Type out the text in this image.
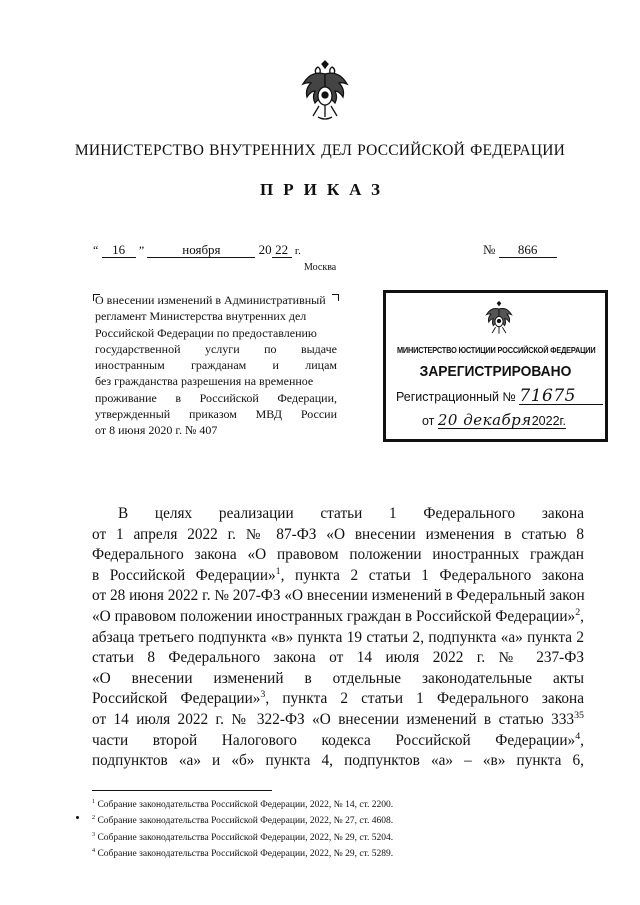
МИНИСТЕРСТВО ВНУТРЕННИХ ДЕЛ РОССИЙСКОЙ ФЕДЕРАЦИИ
ПРИКАЗ
“ 16 ”	ноября	20 22 г.
Москва
№ 866
О внесении изменений в Административный
регламент Министерства внутренних дел
Российской Федерации по предоставлению
государственной услуги по выдаче
иностранным гражданам и лицам
без гражданства разрешения на временное
проживание в Российской Федерации,
утвержденный приказом МВД России
от 8 июня 2020 г. № 407
МИНИСТЕРСТВО ЮСТИЦИИ РОССИЙСКОЙ ФЕДЕРАЦИИ
ЗАРЕГИСТРИРОВАНО
Регистрационный № 71675
от 20 декабря2022г.
В целях реализации статьи 1 Федерального закона
от 1 апреля 2022 г. № 87-ФЗ «О внесении изменения в статью 8
Федерального закона «О правовом положении иностранных граждан
в Российской Федерации»$^1$, пункта 2 статьи 1 Федерального закона
от 28 июня 2022 г. № 207-ФЗ «О внесении изменений в Федеральный закон
«О правовом положении иностранных граждан в Российской Федерации»$^2$,
абзаца третьего подпункта «в» пункта 19 статьи 2, подпункта «а» пункта 2
статьи 8 Федерального закона от 14 июля 2022 г. № 237-ФЗ
«О внесении изменений в отдельные законодательные акты
Российской Федерации»$^3$, пункта 2 статьи 1 Федерального закона
от 14 июля 2022 г. № 322-ФЗ «О внесении изменений в статью $333^{35}$
части второй Налогового кодекса Российской Федерации»$^4$,
подпунктов «а» и «б» пункта 4, подпунктов «а» – «в» пункта 6,
$^1$ Собрание законодательства Российской Федерации, 2022, № 14, ст. 2200.
$^2$ Собрание законодательства Российской Федерации, 2022, № 27, ст. 4608.
$^3$ Собрание законодательства Российской Федерации, 2022, № 29, ст. 5204.
$^4$ Собрание законодательства Российской Федерации, 2022, № 29, ст. 5289.
